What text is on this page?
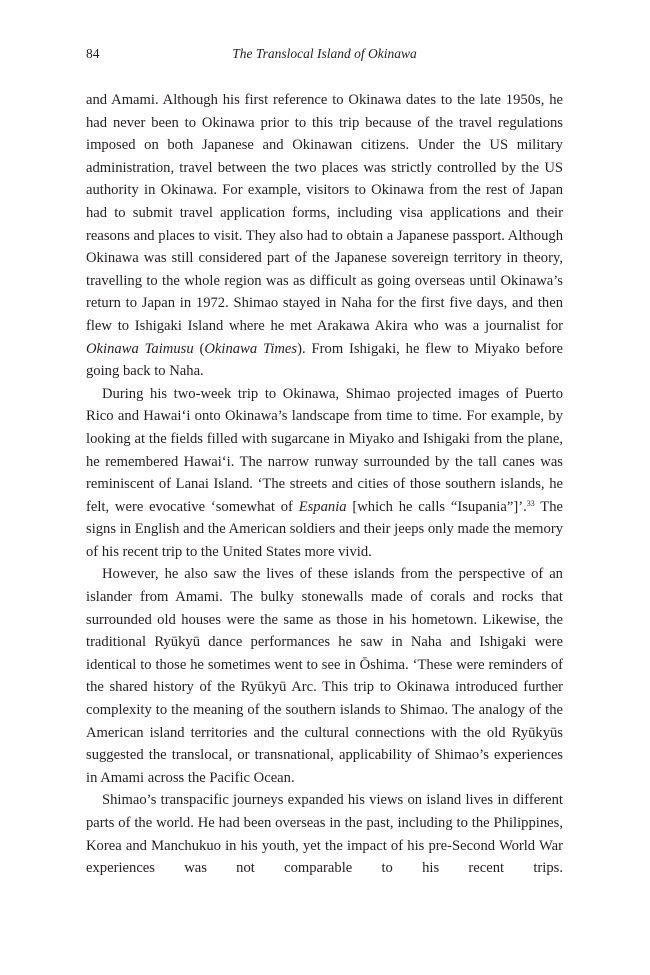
84	The Translocal Island of Okinawa

and Amami. Although his first reference to Okinawa dates to the late 1950s, he had never been to Okinawa prior to this trip because of the travel regulations imposed on both Japanese and Okinawan citizens. Under the US military administration, travel between the two places was strictly controlled by the US authority in Okinawa. For example, visitors to Okinawa from the rest of Japan had to submit travel application forms, including visa applications and their reasons and places to visit. They also had to obtain a Japanese passport. Although Okinawa was still considered part of the Japanese sovereign territory in theory, travelling to the whole region was as difficult as going overseas until Okinawa’s return to Japan in 1972. Shimao stayed in Naha for the first five days, and then flew to Ishigaki Island where he met Arakawa Akira who was a journalist for Okinawa Taimusu (Okinawa Times). From Ishigaki, he flew to Miyako before going back to Naha.

During his two-week trip to Okinawa, Shimao projected images of Puerto Rico and Hawai‘i onto Okinawa’s landscape from time to time. For example, by looking at the fields filled with sugarcane in Miyako and Ishigaki from the plane, he remembered Hawai‘i. The narrow runway surrounded by the tall canes was reminiscent of Lanai Island. ‘The streets and cities of those southern islands, he felt, were evocative ‘somewhat of Espania [which he calls “Isupania”]’.$^{33}$ The signs in English and the American soldiers and their jeeps only made the memory of his recent trip to the United States more vivid.

However, he also saw the lives of these islands from the perspective of an islander from Amami. The bulky stonewalls made of corals and rocks that surrounded old houses were the same as those in his hometown. Likewise, the traditional Ryūkyū dance performances he saw in Naha and Ishigaki were identical to those he sometimes went to see in Ōshima. ‘These were reminders of the shared history of the Ryūkyū Arc. This trip to Okinawa introduced further complexity to the meaning of the southern islands to Shimao. The analogy of the American island territories and the cultural connections with the old Ryūkyūs suggested the translocal, or transnational, applicability of Shimao’s experiences in Amami across the Pacific Ocean.

Shimao’s transpacific journeys expanded his views on island lives in different parts of the world. He had been overseas in the past, including to the Philippines, Korea and Manchukuo in his youth, yet the impact of his pre-Second World War experiences was not comparable to his recent trips.
